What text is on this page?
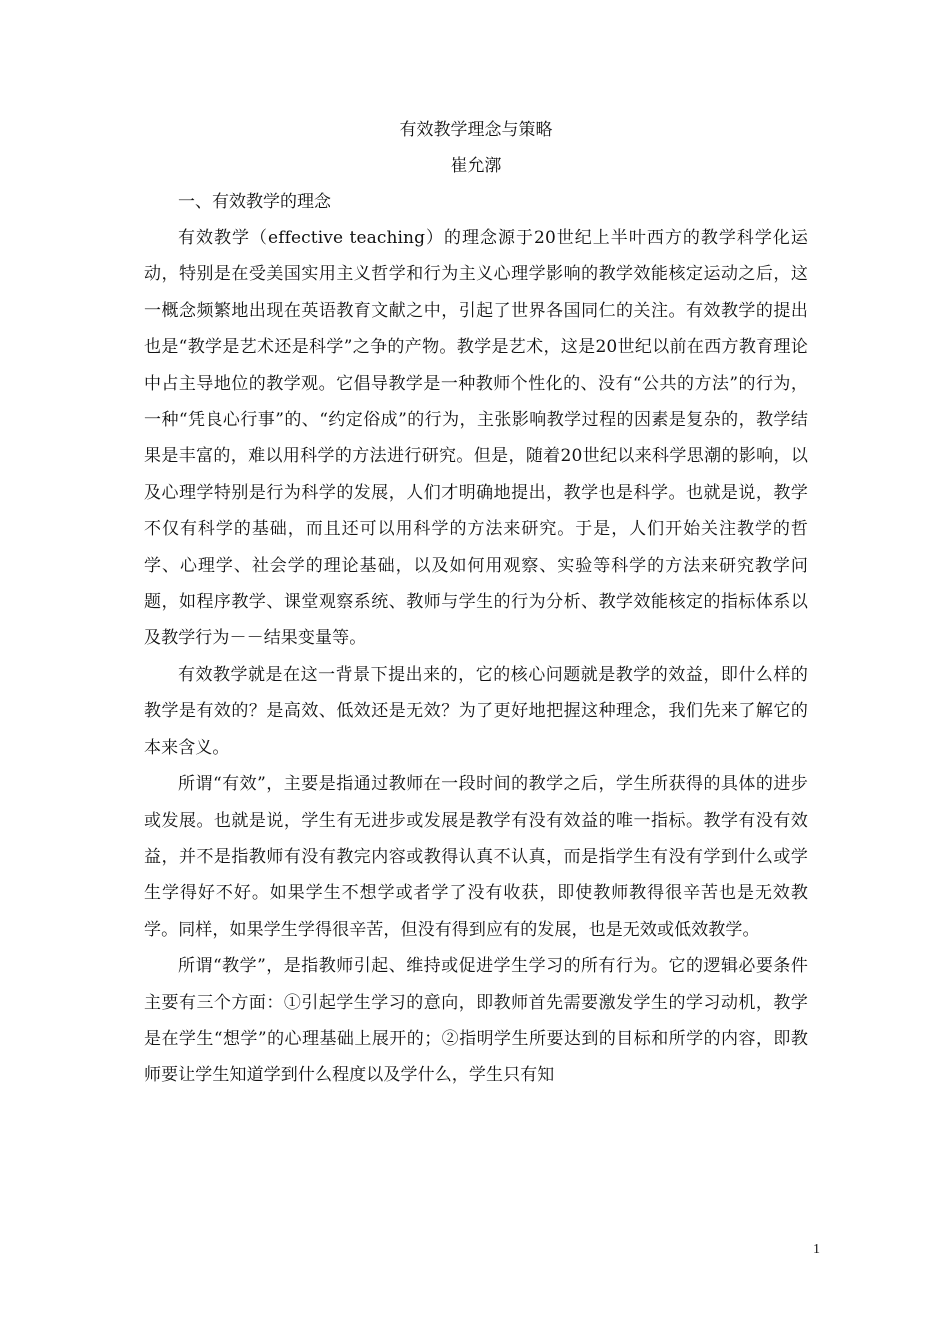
有效教学理念与策略

崔允漷

一、有效教学的理念

有效教学（effective teaching）的理念源于20世纪上半叶西方的教学科学化运动，特别是在受美国实用主义哲学和行为主义心理学影响的教学效能核定运动之后，这一概念频繁地出现在英语教育文献之中，引起了世界各国同仁的关注。有效教学的提出也是“教学是艺术还是科学”之争的产物。教学是艺术，这是20世纪以前在西方教育理论中占主导地位的教学观。它倡导教学是一种教师个性化的、没有“公共的方法”的行为，一种“凭良心行事”的、“约定俗成”的行为，主张影响教学过程的因素是复杂的，教学结果是丰富的，难以用科学的方法进行研究。但是，随着20世纪以来科学思潮的影响，以及心理学特别是行为科学的发展，人们才明确地提出，教学也是科学。也就是说，教学不仅有科学的基础，而且还可以用科学的方法来研究。于是，人们开始关注教学的哲学、心理学、社会学的理论基础，以及如何用观察、实验等科学的方法来研究教学问题，如程序教学、课堂观察系统、教师与学生的行为分析、教学效能核定的指标体系以及教学行为－－结果变量等。

有效教学就是在这一背景下提出来的，它的核心问题就是教学的效益，即什么样的教学是有效的？是高效、低效还是无效？为了更好地把握这种理念，我们先来了解它的本来含义。

所谓“有效”，主要是指通过教师在一段时间的教学之后，学生所获得的具体的进步或发展。也就是说，学生有无进步或发展是教学有没有效益的唯一指标。教学有没有效益，并不是指教师有没有教完内容或教得认真不认真，而是指学生有没有学到什么或学生学得好不好。如果学生不想学或者学了没有收获，即使教师教得很辛苦也是无效教学。同样，如果学生学得很辛苦，但没有得到应有的发展，也是无效或低效教学。

所谓“教学”，是指教师引起、维持或促进学生学习的所有行为。它的逻辑必要条件主要有三个方面：①引起学生学习的意向，即教师首先需要激发学生的学习动机，教学是在学生“想学”的心理基础上展开的；②指明学生所要达到的目标和所学的内容，即教师要让学生知道学到什么程度以及学什么，学生只有知

1
